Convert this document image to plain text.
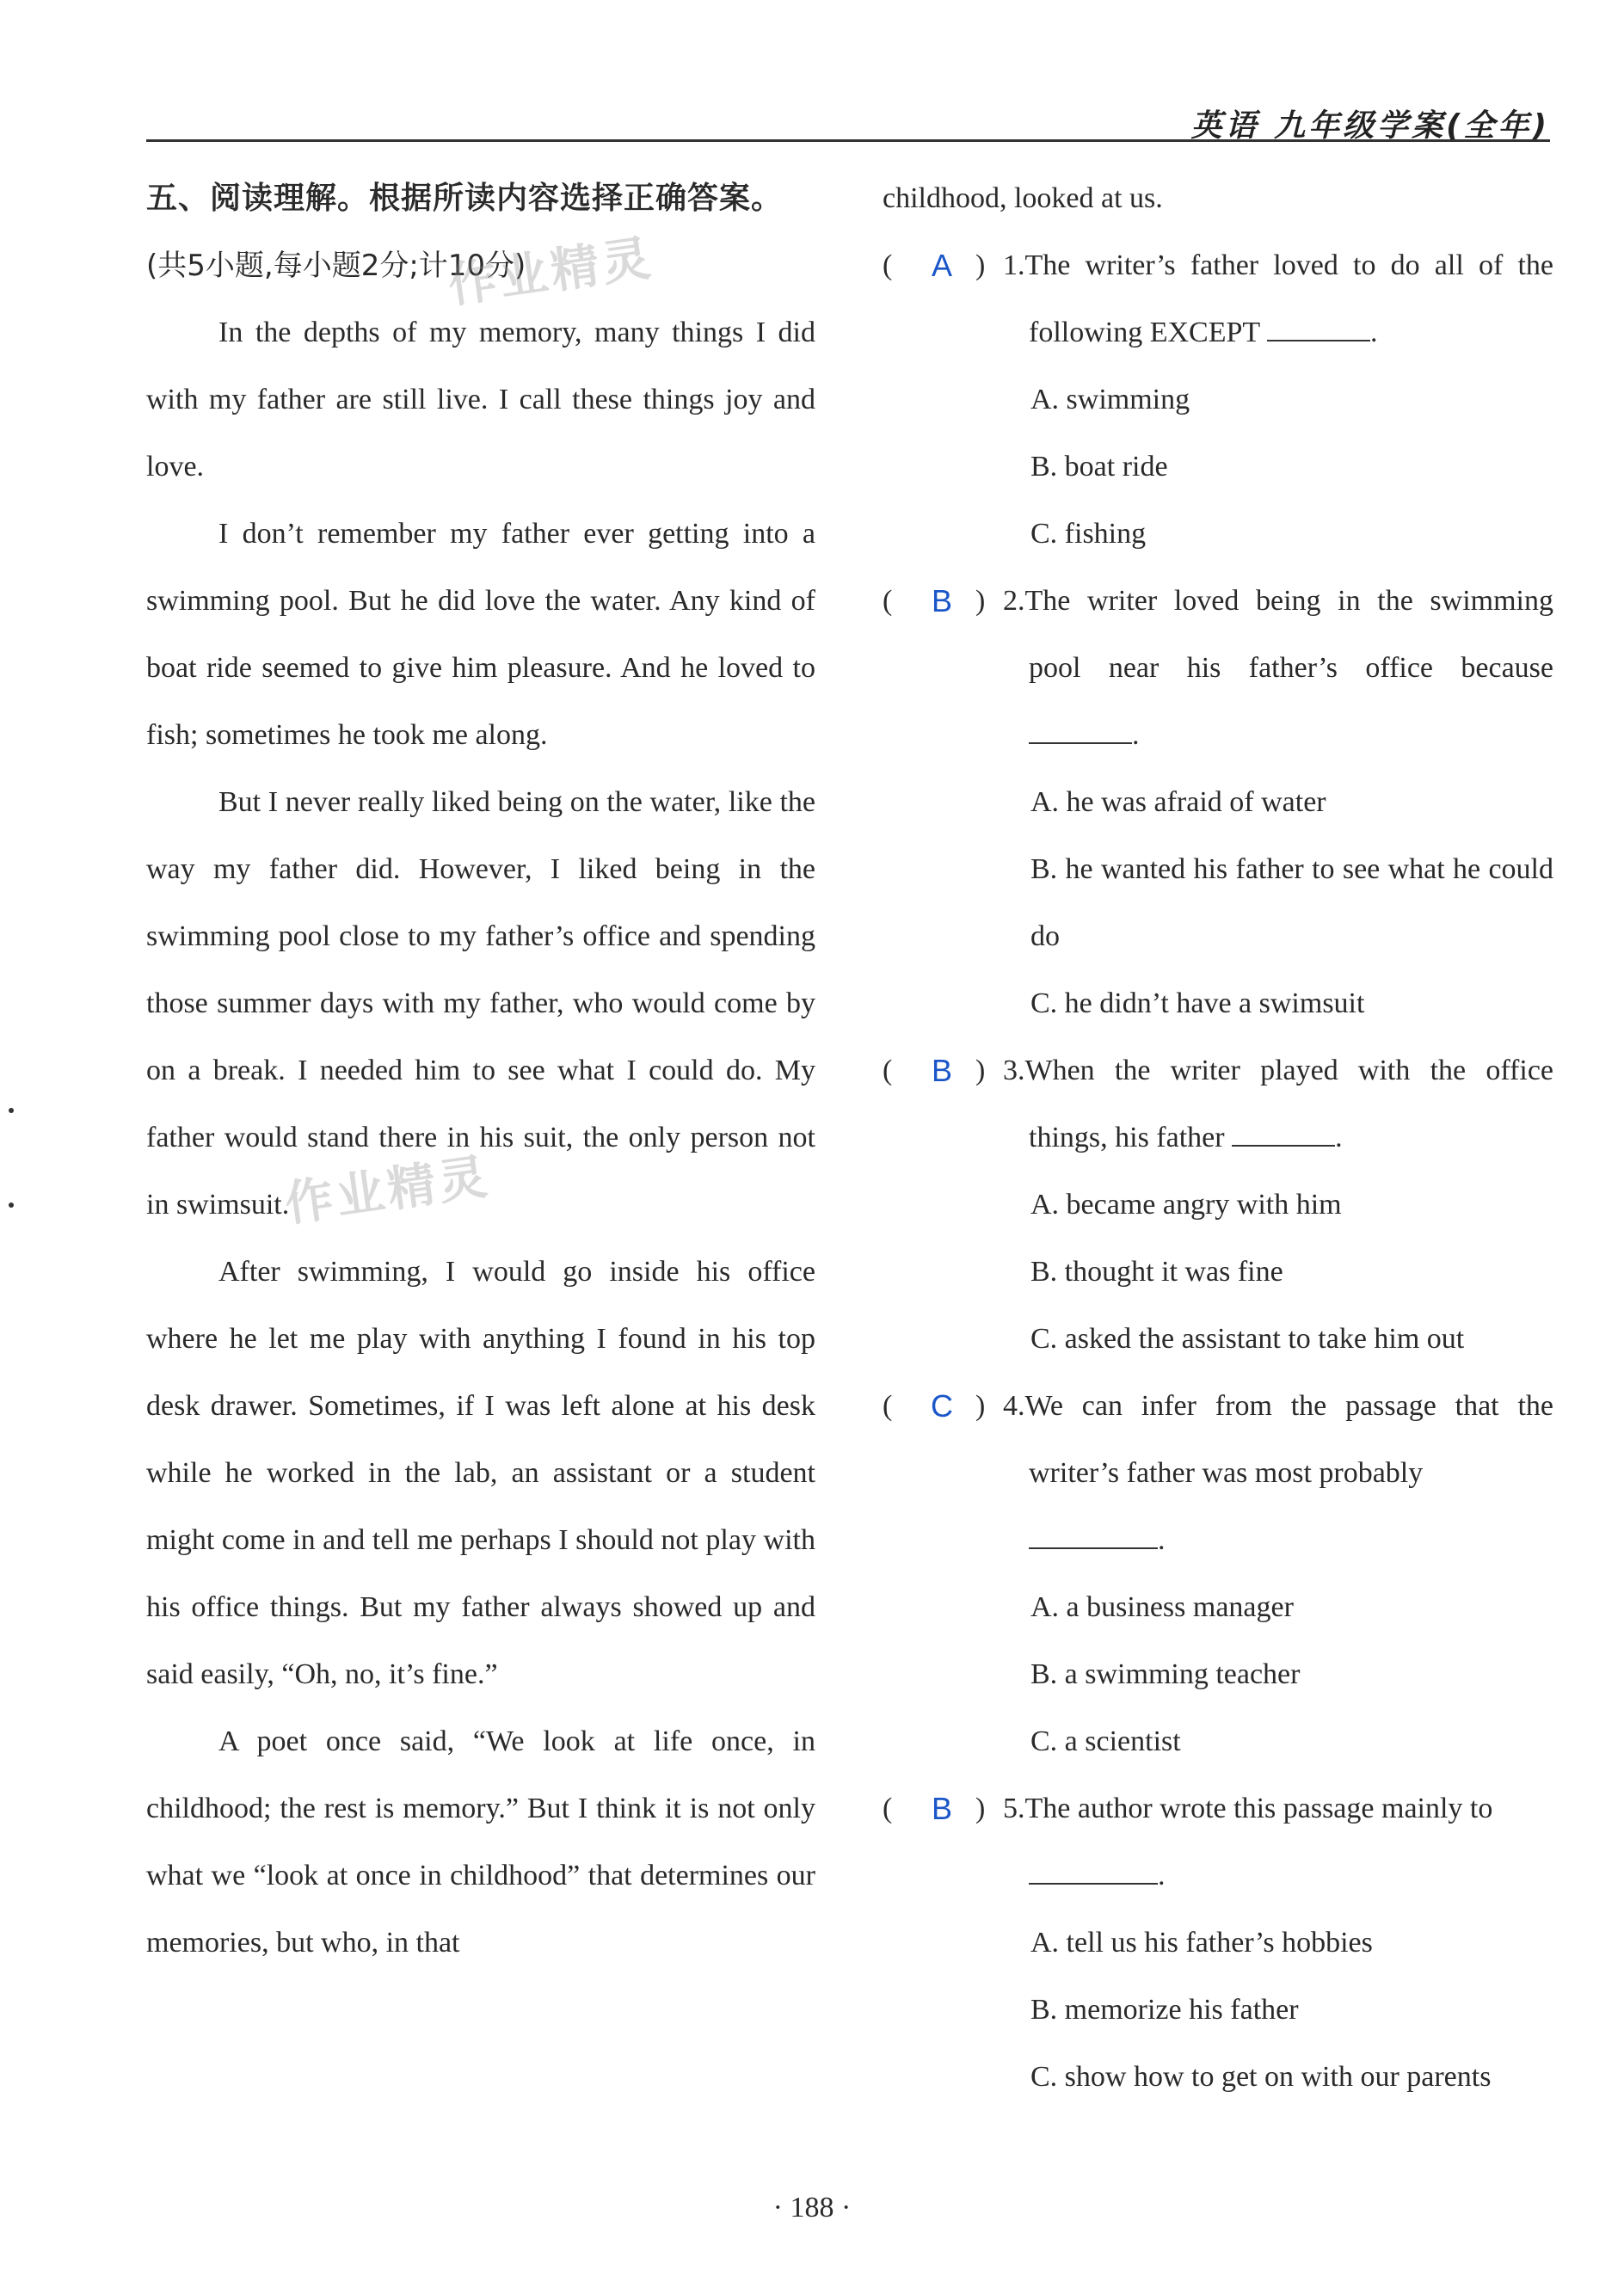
英语 九年级学案(全年)
五、阅读理解。根据所读内容选择正确答案。
(共5小题,每小题2分;计10分)

In the depths of my memory, many things I did with my father are still live. I call these things joy and love.

I don’t remember my father ever getting into a swimming pool. But he did love the water. Any kind of boat ride seemed to give him pleasure. And he loved to fish; sometimes he took me along.

But I never really liked being on the water, like the way my father did. However, I liked being in the swimming pool close to my father’s office and spending those summer days with my father, who would come by on a break. I needed him to see what I could do. My father would stand there in his suit, the only person not in swimsuit.

After swimming, I would go inside his office where he let me play with anything I found in his top desk drawer. Sometimes, if I was left alone at his desk while he worked in the lab, an assistant or a student might come in and tell me perhaps I should not play with his office things. But my father always showed up and said easily, “Oh, no, it’s fine.”

A poet once said, “We look at life once, in childhood; the rest is memory.” But I think it is not only what we “look at once in childhood” that determines our memories, but who, in that

childhood, looked at us.

(	A ) 1.The writer’s father loved to do all of the following EXCEPT	.
A. swimming
B. boat ride
C. fishing
(	B ) 2.The writer loved being in the swimming pool near his father’s office because .
A. he was afraid of water
B. he wanted his father to see what he could do
C. he didn’t have a swimsuit
(	B ) 3.When the writer played with the office things, his father	.
A. became angry with him
B. thought it was fine
C. asked the assistant to take him out
(	C ) 4.We can infer from the passage that the writer’s father was most probably
.
A. a business manager
B. a swimming teacher
C. a scientist
(	B ) 5.The author wrote this passage mainly to
.
A. tell us his father’s hobbies
B. memorize his father
C. show how to get on with our parents
作业精灵
作业精灵
· 188 ·
